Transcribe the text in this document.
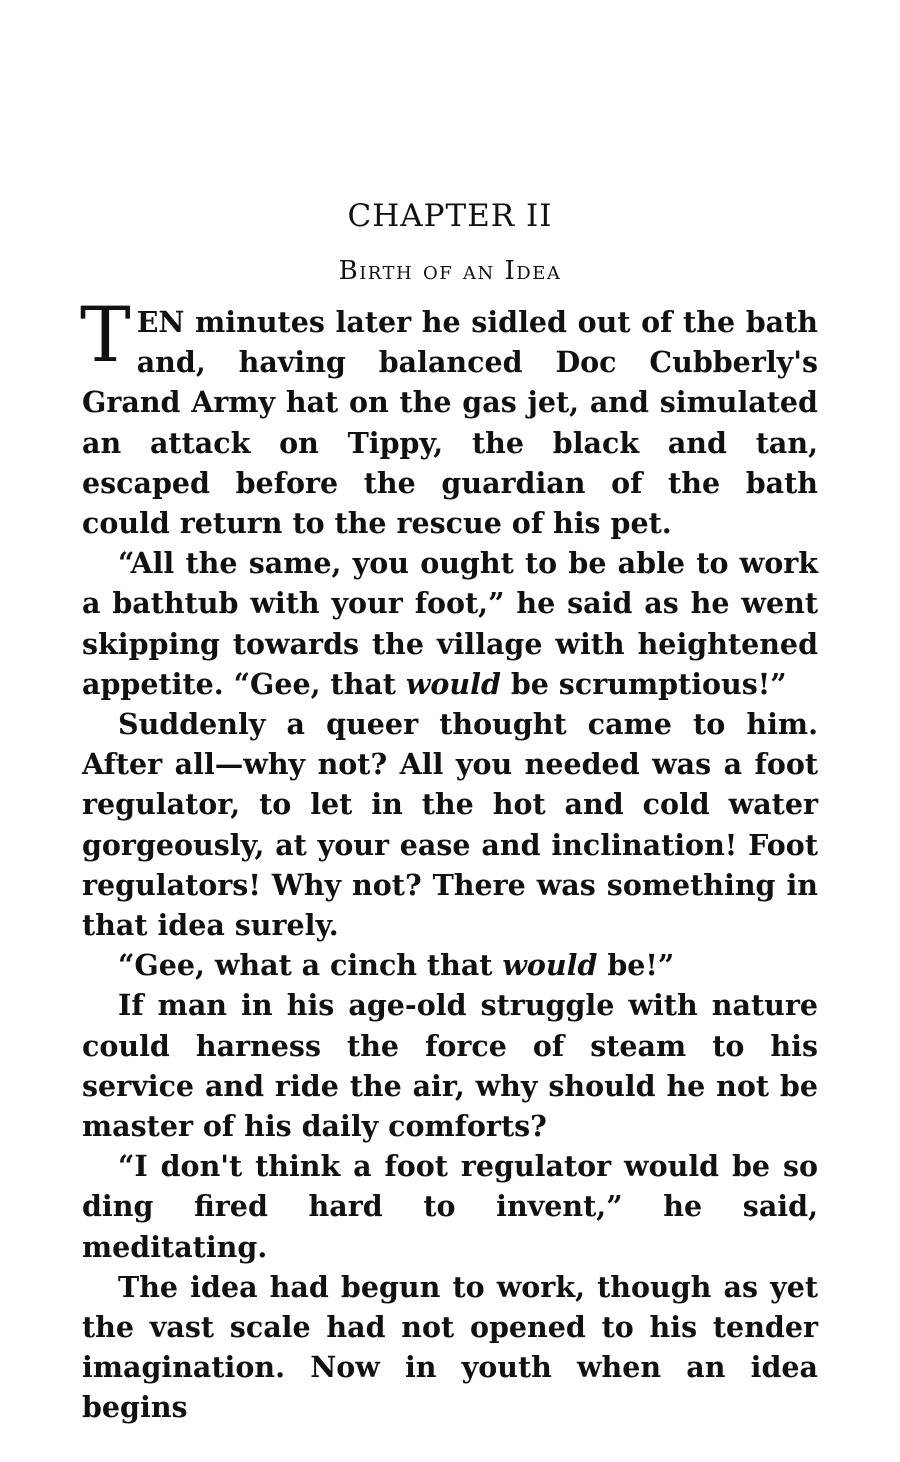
CHAPTER II
Birth of an Idea

TEN minutes later he sidled out of the bath and, having balanced Doc Cubberly's Grand Army hat on the gas jet, and simulated an attack on Tippy, the black and tan, escaped before the guardian of the bath could return to the rescue of his pet.

“All the same, you ought to be able to work a bathtub with your foot,” he said as he went skipping towards the village with heightened appetite. “Gee, that would be scrumptious!”

Suddenly a queer thought came to him. After all—why not? All you needed was a foot regulator, to let in the hot and cold water gorgeously, at your ease and inclination! Foot regulators! Why not? There was something in that idea surely.

“Gee, what a cinch that would be!”

If man in his age-old struggle with nature could harness the force of steam to his service and ride the air, why should he not be master of his daily comforts?

“I don't think a foot regulator would be so ding fired hard to invent,” he said, meditating.

The idea had begun to work, though as yet the vast scale had not opened to his tender imagination. Now in youth when an idea begins
